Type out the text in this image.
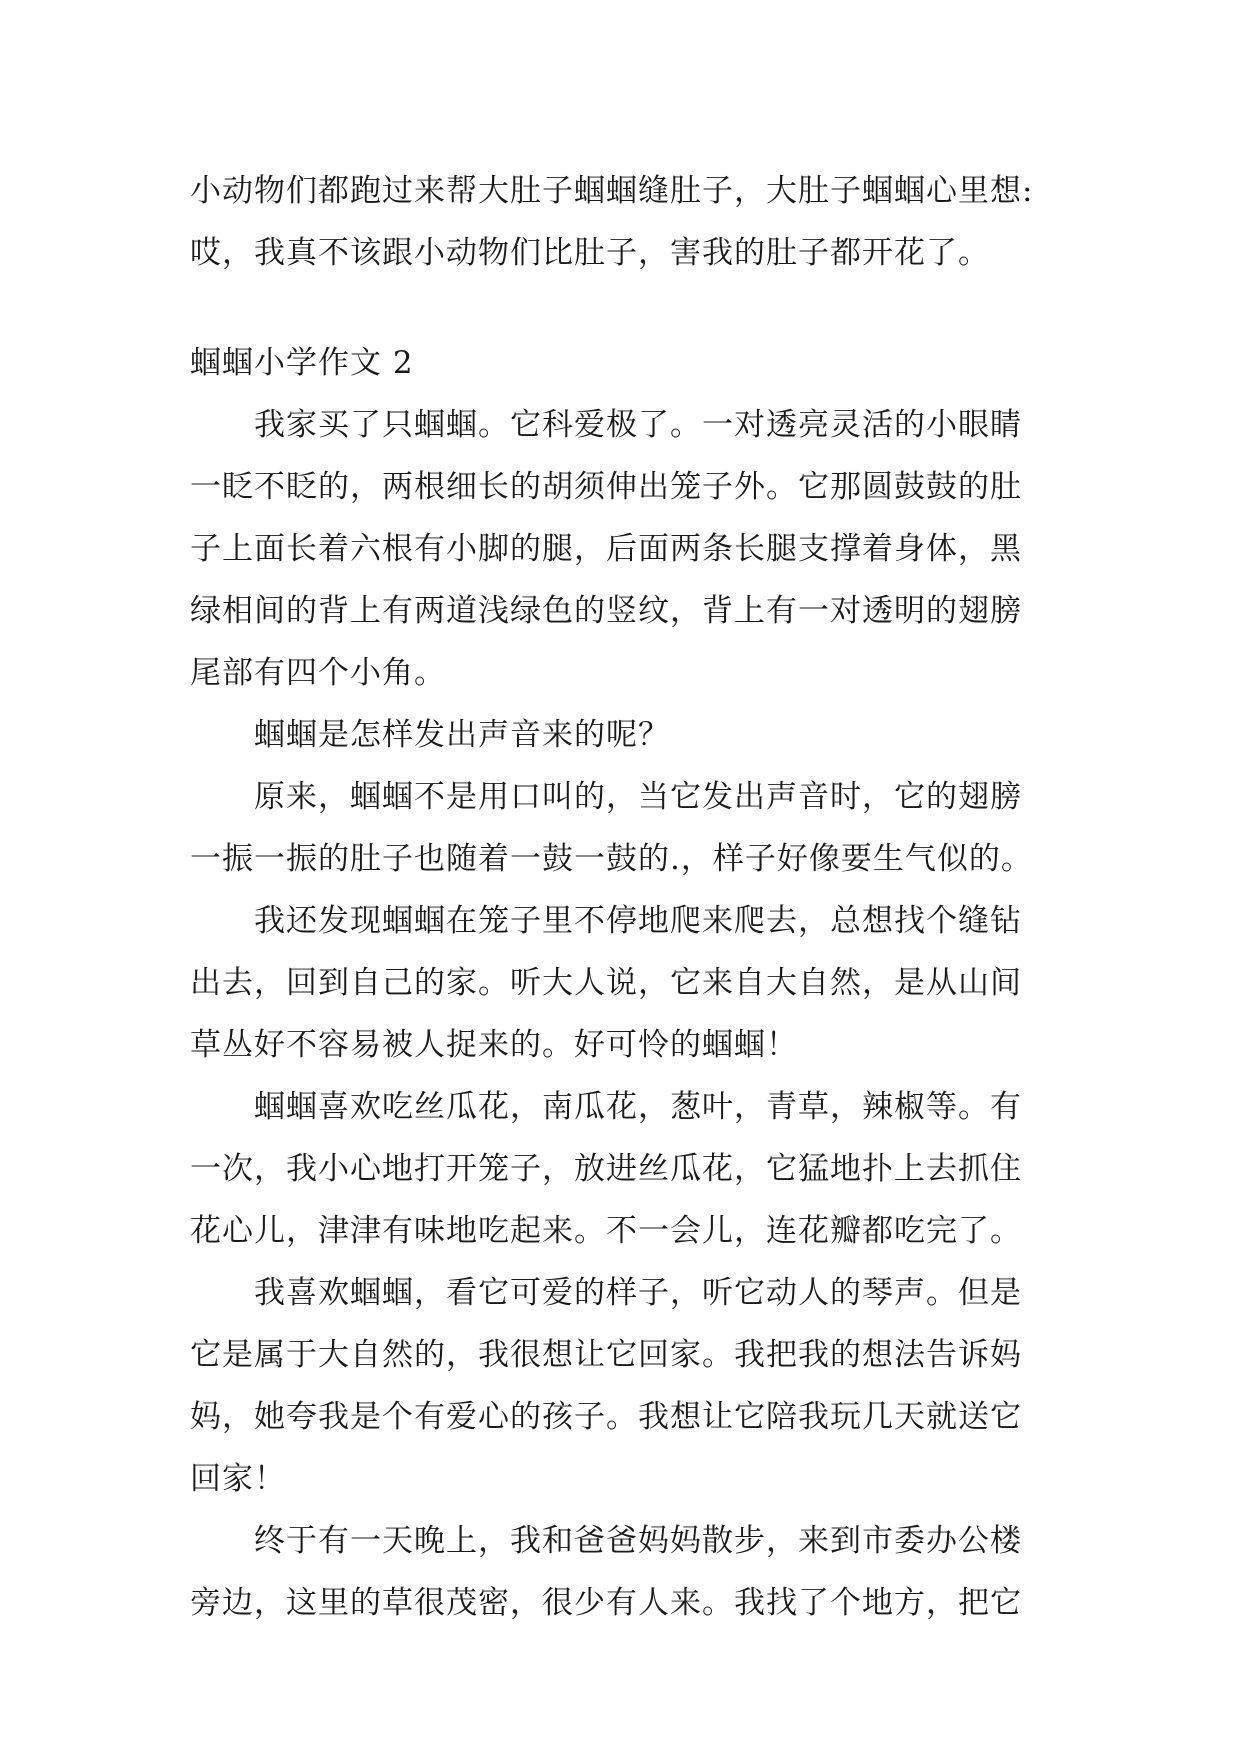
小动物们都跑过来帮大肚子蝈蝈缝肚子，大肚子蝈蝈心里想:
哎，我真不该跟小动物们比肚子，害我的肚子都开花了。
蝈蝈小学作文 2
我家买了只蝈蝈。它科爱极了。一对透亮灵活的小眼睛
一眨不眨的，两根细长的胡须伸出笼子外。它那圆鼓鼓的肚
子上面长着六根有小脚的腿，后面两条长腿支撑着身体，黑
绿相间的背上有两道浅绿色的竖纹，背上有一对透明的翅膀
尾部有四个小角。
蝈蝈是怎样发出声音来的呢？
原来，蝈蝈不是用口叫的，当它发出声音时，它的翅膀
一振一振的肚子也随着一鼓一鼓的.，样子好像要生气似的。
我还发现蝈蝈在笼子里不停地爬来爬去，总想找个缝钻
出去，回到自己的家。听大人说，它来自大自然，是从山间
草丛好不容易被人捉来的。好可怜的蝈蝈！
蝈蝈喜欢吃丝瓜花，南瓜花，葱叶，青草，辣椒等。有
一次，我小心地打开笼子，放进丝瓜花，它猛地扑上去抓住
花心儿，津津有味地吃起来。不一会儿，连花瓣都吃完了。
我喜欢蝈蝈，看它可爱的样子，听它动人的琴声。但是
它是属于大自然的，我很想让它回家。我把我的想法告诉妈
妈，她夸我是个有爱心的孩子。我想让它陪我玩几天就送它
回家！
终于有一天晚上，我和爸爸妈妈散步，来到市委办公楼
旁边，这里的草很茂密，很少有人来。我找了个地方，把它
